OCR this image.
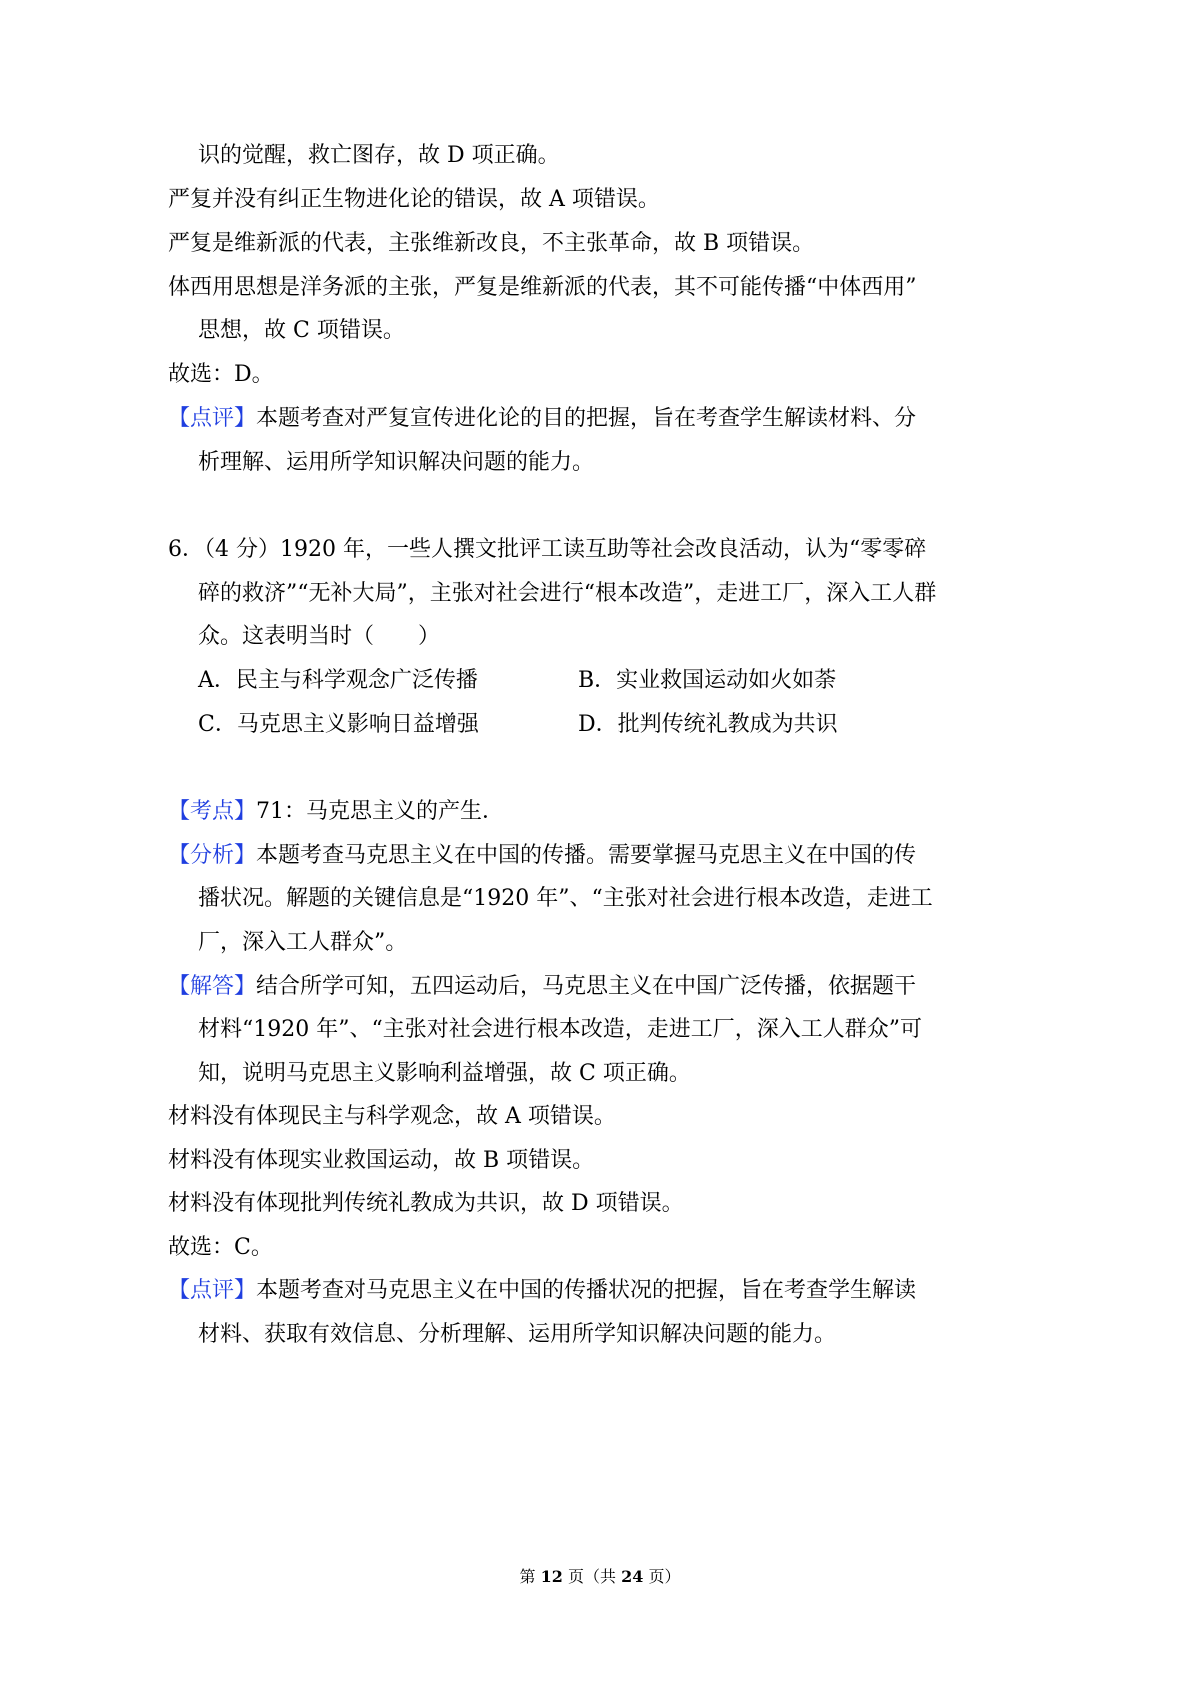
识的觉醒，救亡图存，故 D 项正确。
严复并没有纠正生物进化论的错误，故 A 项错误。
严复是维新派的代表，主张维新改良，不主张革命，故 B 项错误。
体西用思想是洋务派的主张，严复是维新派的代表，其不可能传播“中体西用”
思想，故 C 项错误。
故选：D。
【点评】本题考查对严复宣传进化论的目的把握，旨在考查学生解读材料、分
析理解、运用所学知识解决问题的能力。
6．（4 分）1920 年，一些人撰文批评工读互助等社会改良活动，认为“零零碎
碎的救济”“无补大局”，主张对社会进行“根本改造”，走进工厂，深入工人群
众。这表明当时（　　）
A．民主与科学观念广泛传播	B．实业救国运动如火如荼
C．马克思主义影响日益增强	D．批判传统礼教成为共识
【考点】71：马克思主义的产生．
【分析】本题考查马克思主义在中国的传播。需要掌握马克思主义在中国的传
播状况。解题的关键信息是“1920 年”、“主张对社会进行根本改造，走进工
厂，深入工人群众”。
【解答】结合所学可知，五四运动后，马克思主义在中国广泛传播，依据题干
材料“1920 年”、“主张对社会进行根本改造，走进工厂，深入工人群众”可
知，说明马克思主义影响利益增强，故 C 项正确。
材料没有体现民主与科学观念，故 A 项错误。
材料没有体现实业救国运动，故 B 项错误。
材料没有体现批判传统礼教成为共识，故 D 项错误。
故选：C。
【点评】本题考查对马克思主义在中国的传播状况的把握，旨在考查学生解读
材料、获取有效信息、分析理解、运用所学知识解决问题的能力。
第 12 页（共 24 页）
